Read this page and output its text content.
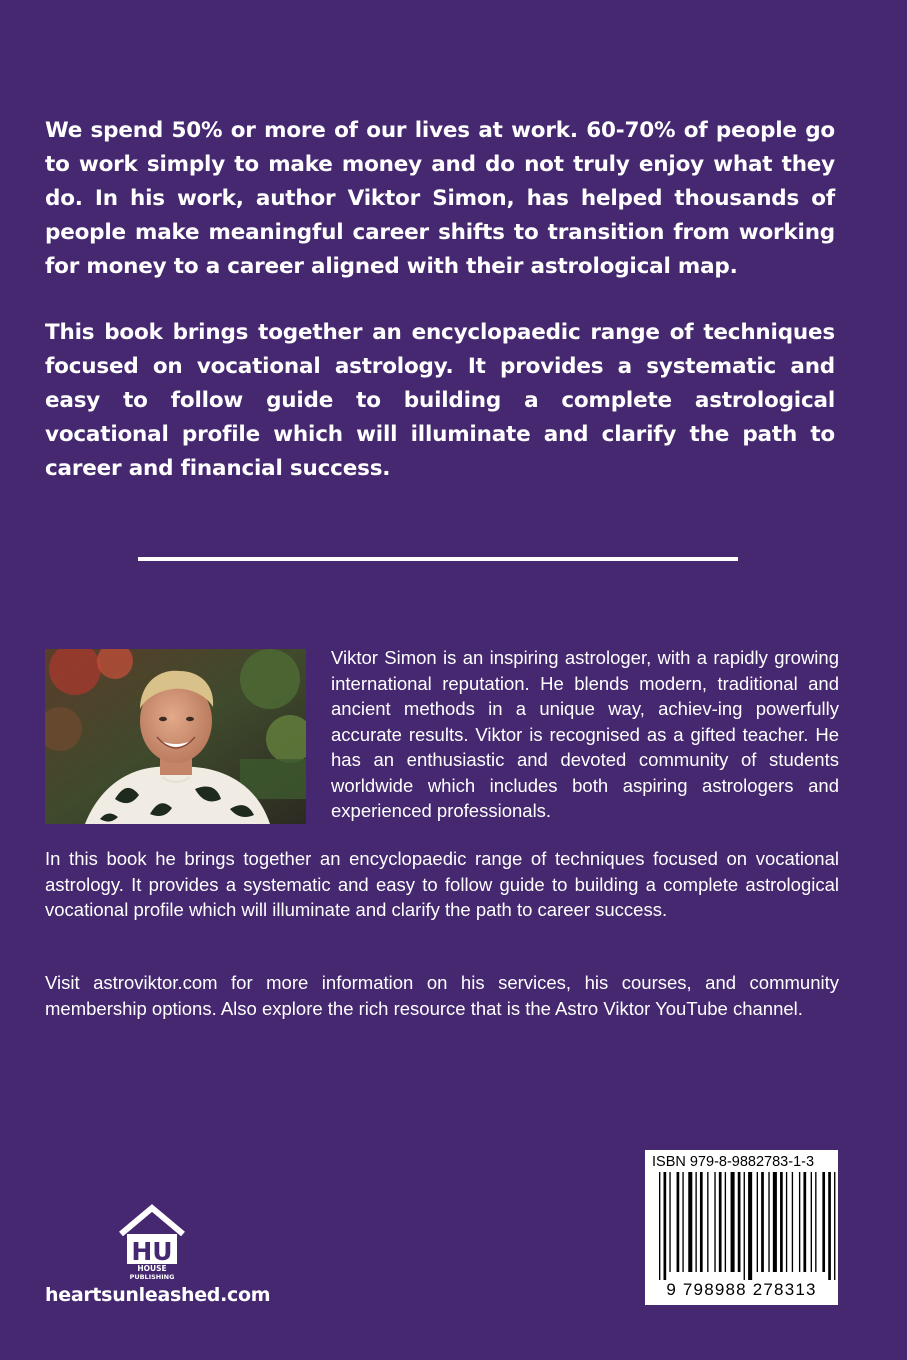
We spend 50% or more of our lives at work. 60-70% of people go to work simply to make money and do not truly enjoy what they do. In his work, author Viktor Simon, has helped thousands of people make meaningful career shifts to transition from working for money to a career aligned with their astrological map.

This book brings together an encyclopaedic range of techniques focused on vocational astrology. It provides a systematic and easy to follow guide to building a complete astrological vocational profile which will illuminate and clarify the path to career and financial success.

Viktor Simon is an inspiring astrologer, with a rapidly growing international reputation. He blends modern, traditional and ancient methods in a unique way, achiev-ing powerfully accurate results. Viktor is recognised as a gifted teacher. He has an enthusiastic and devoted community of students worldwide which includes both aspiring astrologers and experienced professionals.

In this book he brings together an encyclopaedic range of techniques focused on vocational astrology. It provides a systematic and easy to follow guide to building a complete astrological vocational profile which will illuminate and clarify the path to career success.

Visit astroviktor.com for more information on his services, his courses, and community membership options. Also explore the rich resource that is the Astro Viktor YouTube channel.

HU
HOUSE
PUBLISHING
heartsunleashed.com
ISBN 979-8-9882783-1-3
9 798988 278313
